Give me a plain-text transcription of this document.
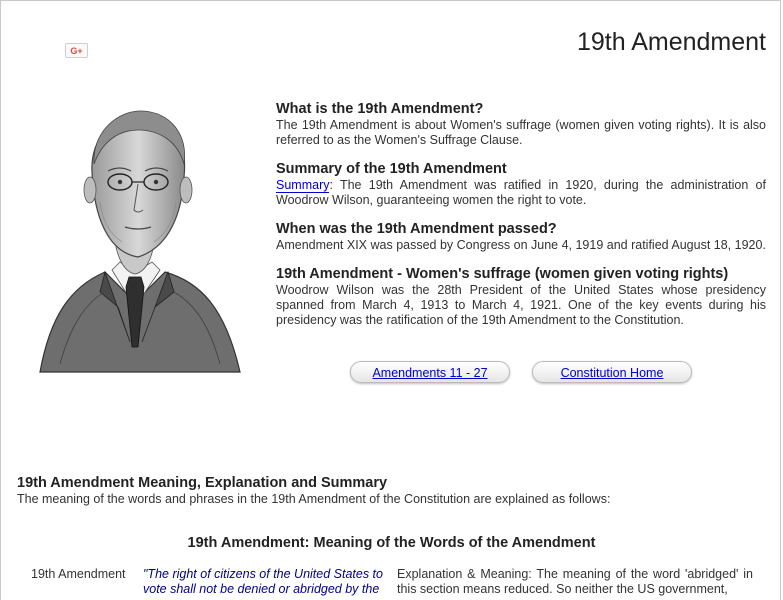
G+	19th Amendment
What is the 19th Amendment?

The 19th Amendment is about Women's suffrage (women given voting rights). It is also referred to as the Women's Suffrage Clause.

Summary of the 19th Amendment

Summary: The 19th Amendment was ratified in 1920, during the administration of Woodrow Wilson, guaranteeing women the right to vote.

When was the 19th Amendment passed?

Amendment XIX was passed by Congress on June 4, 1919 and ratified August 18, 1920.

19th Amendment - Women's suffrage (women given voting rights)

Woodrow Wilson was the 28th President of the United States whose presidency spanned from March 4, 1913 to March 4, 1921. One of the key events during his presidency was the ratification of the 19th Amendment to the Constitution.

Amendments 11 - 27	Constitution Home
19th Amendment Meaning, Explanation and Summary
The meaning of the words and phrases in the 19th Amendment of the Constitution are explained as follows:
19th Amendment: Meaning of the Words of the Amendment
19th Amendment "The right of citizens of the United States to vote shall not be denied or abridged by the
Explanation & Meaning: The meaning of the word 'abridged' in this section means reduced. So neither the US government,
